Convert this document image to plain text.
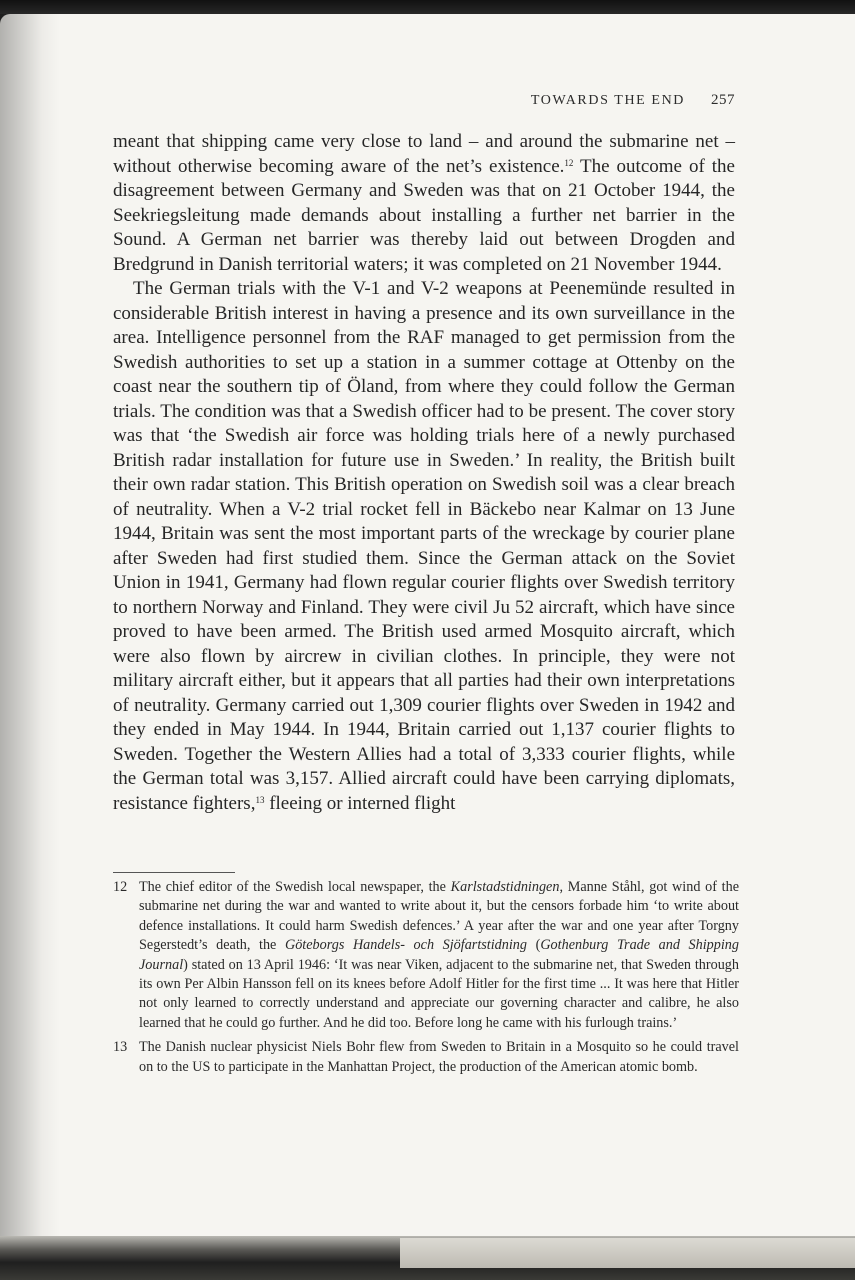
TOWARDS THE END 257

meant that shipping came very close to land – and around the submarine net – without otherwise becoming aware of the net’s existence.$^{12}$ The outcome of the disagreement between Germany and Sweden was that on 21 October 1944, the Seekriegsleitung made demands about installing a further net barrier in the Sound. A German net barrier was thereby laid out between Drogden and Bredgrund in Danish territorial waters; it was completed on 21 November 1944.

The German trials with the V-1 and V-2 weapons at Peenemünde resulted in considerable British interest in having a presence and its own surveillance in the area. Intelligence personnel from the RAF managed to get permission from the Swedish authorities to set up a station in a summer cottage at Ottenby on the coast near the southern tip of Öland, from where they could follow the German trials. The condition was that a Swedish officer had to be present. The cover story was that ‘the Swedish air force was holding trials here of a newly purchased British radar installation for future use in Sweden.’ In reality, the British built their own radar station. This British operation on Swedish soil was a clear breach of neutrality. When a V-2 trial rocket fell in Bäckebo near Kalmar on 13 June 1944, Britain was sent the most important parts of the wreckage by courier plane after Sweden had first studied them. Since the German attack on the Soviet Union in 1941, Germany had flown regular courier flights over Swedish territory to northern Norway and Finland. They were civil Ju 52 aircraft, which have since proved to have been armed. The British used armed Mosquito aircraft, which were also flown by aircrew in civilian clothes. In principle, they were not military aircraft either, but it appears that all parties had their own interpretations of neutrality. Germany carried out 1,309 courier flights over Sweden in 1942 and they ended in May 1944. In 1944, Britain carried out 1,137 courier flights to Sweden. Together the Western Allies had a total of 3,333 courier flights, while the German total was 3,157. Allied aircraft could have been carrying diplomats, resistance fighters,$^{13}$ fleeing or interned flight

12 The chief editor of the Swedish local newspaper, the Karlstadstidningen, Manne Ståhl, got wind of the submarine net during the war and wanted to write about it, but the censors forbade him ‘to write about defence installations. It could harm Swedish defences.’ A year after the war and one year after Torgny Segerstedt’s death, the Göteborgs Handels- och Sjöfartstidning (Gothenburg Trade and Shipping Journal) stated on 13 April 1946: ‘It was near Viken, adjacent to the submarine net, that Sweden through its own Per Albin Hansson fell on its knees before Adolf Hitler for the first time ... It was here that Hitler not only learned to correctly understand and appreciate our governing character and calibre, he also learned that he could go further. And he did too. Before long he came with his furlough trains.’
13 The Danish nuclear physicist Niels Bohr flew from Sweden to Britain in a Mosquito so he could travel on to the US to participate in the Manhattan Project, the production of the American atomic bomb.
